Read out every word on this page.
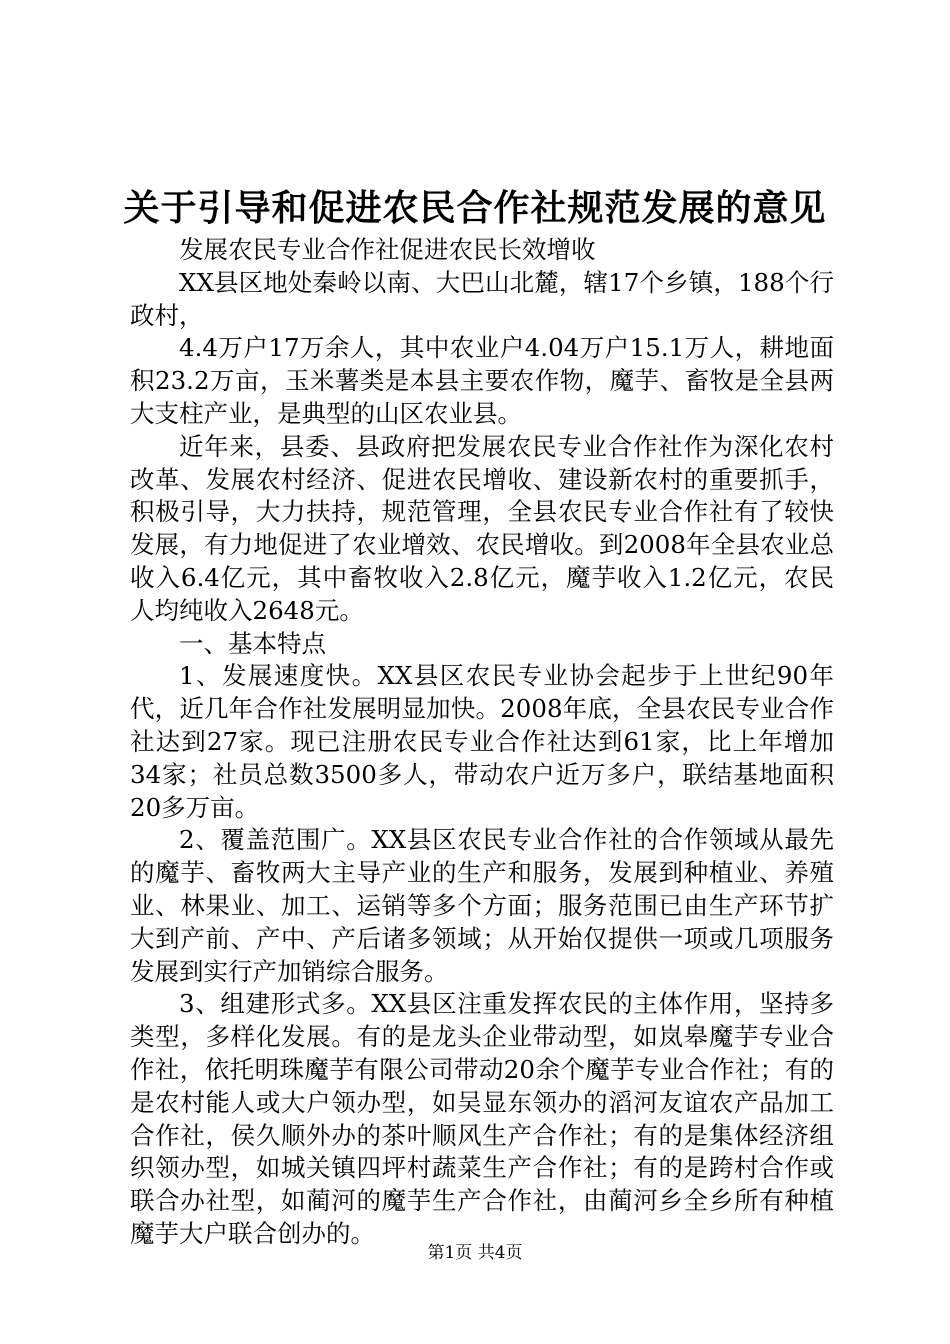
关于引导和促进农民合作社规范发展的意见

发展农民专业合作社促进农民长效增收

XX县区地处秦岭以南、大巴山北麓，辖17个乡镇，188个行政村，

4.4万户17万余人，其中农业户4.04万户15.1万人，耕地面积23.2万亩，玉米薯类是本县主要农作物，魔芋、畜牧是全县两大支柱产业，是典型的山区农业县。

近年来，县委、县政府把发展农民专业合作社作为深化农村改革、发展农村经济、促进农民增收、建设新农村的重要抓手，积极引导，大力扶持，规范管理，全县农民专业合作社有了较快发展，有力地促进了农业增效、农民增收。到2008年全县农业总收入6.4亿元，其中畜牧收入2.8亿元，魔芋收入1.2亿元，农民人均纯收入2648元。

一、基本特点

1、发展速度快。XX县区农民专业协会起步于上世纪90年代，近几年合作社发展明显加快。2008年底，全县农民专业合作社达到27家。现已注册农民专业合作社达到61家，比上年增加34家；社员总数3500多人，带动农户近万多户，联结基地面积20多万亩。

2、覆盖范围广。XX县区农民专业合作社的合作领域从最先的魔芋、畜牧两大主导产业的生产和服务，发展到种植业、养殖业、林果业、加工、运销等多个方面；服务范围已由生产环节扩大到产前、产中、产后诸多领域；从开始仅提供一项或几项服务发展到实行产加销综合服务。

3、组建形式多。XX县区注重发挥农民的主体作用，坚持多类型，多样化发展。有的是龙头企业带动型，如岚皋魔芋专业合作社，依托明珠魔芋有限公司带动20余个魔芋专业合作社；有的是农村能人或大户领办型，如吴显东领办的滔河友谊农产品加工合作社，侯久顺外办的茶叶顺风生产合作社；有的是集体经济组织领办型，如城关镇四坪村蔬菜生产合作社；有的是跨村合作或联合办社型，如蔺河的魔芋生产合作社，由蔺河乡全乡所有种植魔芋大户联合创办的。

第1页 共4页
